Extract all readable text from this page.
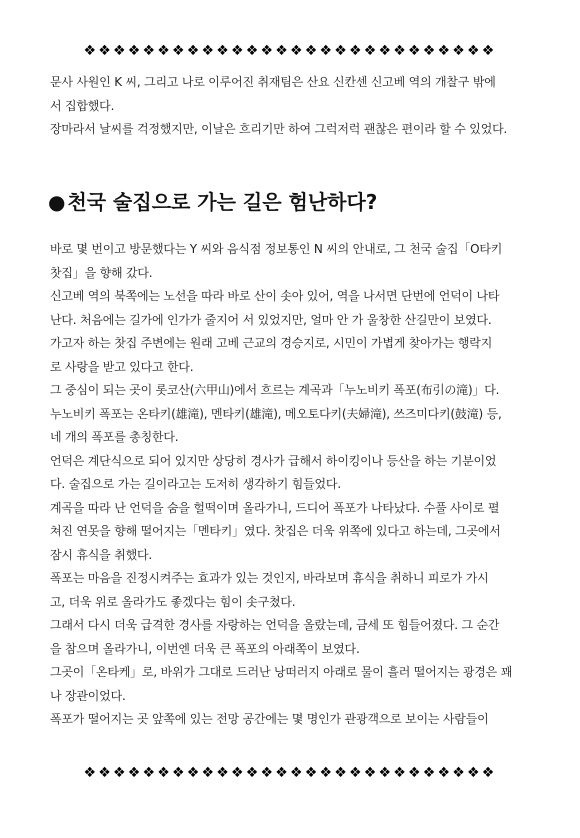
❖❖❖❖❖❖❖❖❖❖❖❖❖❖❖❖❖❖❖❖❖❖❖❖❖❖❖❖
문사 사원인 K 씨, 그리고 나로 이루어진 취재팀은 산요 신칸센 신고베 역의 개찰구 밖에
서 집합했다.
장마라서 날씨를 걱정했지만, 이날은 흐리기만 하여 그럭저럭 괜찮은 편이라 할 수 있었다.
● 천국 술집으로 가는 길은 험난하다?
바로 몇 번이고 방문했다는 Y 씨와 음식점 정보통인 N 씨의 안내로, 그 천국 술집「O타키
찻집」을 향해 갔다.
신고베 역의 북쪽에는 노선을 따라 바로 산이 솟아 있어, 역을 나서면 단번에 언덕이 나타
난다. 처음에는 길가에 인가가 줄지어 서 있었지만, 얼마 안 가 울창한 산길만이 보였다.
가고자 하는 찻집 주변에는 원래 고베 근교의 경승지로, 시민이 가볍게 찾아가는 행락지
로 사랑을 받고 있다고 한다.
그 중심이 되는 곳이 롯코산(六甲山)에서 흐르는 계곡과「누노비키 폭포(布引の滝)」다.
누노비키 폭포는 온타키(雄滝), 멘타키(雄滝), 메오토다키(夫婦滝), 쓰즈미다키(鼓滝) 등,
네 개의 폭포를 총칭한다.
언덕은 계단식으로 되어 있지만 상당히 경사가 급해서 하이킹이나 등산을 하는 기분이었
다. 술집으로 가는 길이라고는 도저히 생각하기 힘들었다.
계곡을 따라 난 언덕을 숨을 헐떡이며 올라가니, 드디어 폭포가 나타났다. 수풀 사이로 펼
쳐진 연못을 향해 떨어지는「멘타키」였다. 찻집은 더욱 위쪽에 있다고 하는데, 그곳에서
잠시 휴식을 취했다.
폭포는 마음을 진정시켜주는 효과가 있는 것인지, 바라보며 휴식을 취하니 피로가 가시
고, 더욱 위로 올라가도 좋겠다는 힘이 솟구쳤다.
그래서 다시 더욱 급격한 경사를 자랑하는 언덕을 올랐는데, 금세 또 힘들어졌다. 그 순간
을 참으며 올라가니, 이번엔 더욱 큰 폭포의 아래쪽이 보였다.
그곳이「온타케」로, 바위가 그대로 드러난 낭떠러지 아래로 물이 흘러 떨어지는 광경은 꽤
나 장관이었다.
폭포가 떨어지는 곳 앞쪽에 있는 전망 공간에는 몇 명인가 관광객으로 보이는 사람들이
❖❖❖❖❖❖❖❖❖❖❖❖❖❖❖❖❖❖❖❖❖❖❖❖❖❖❖❖
